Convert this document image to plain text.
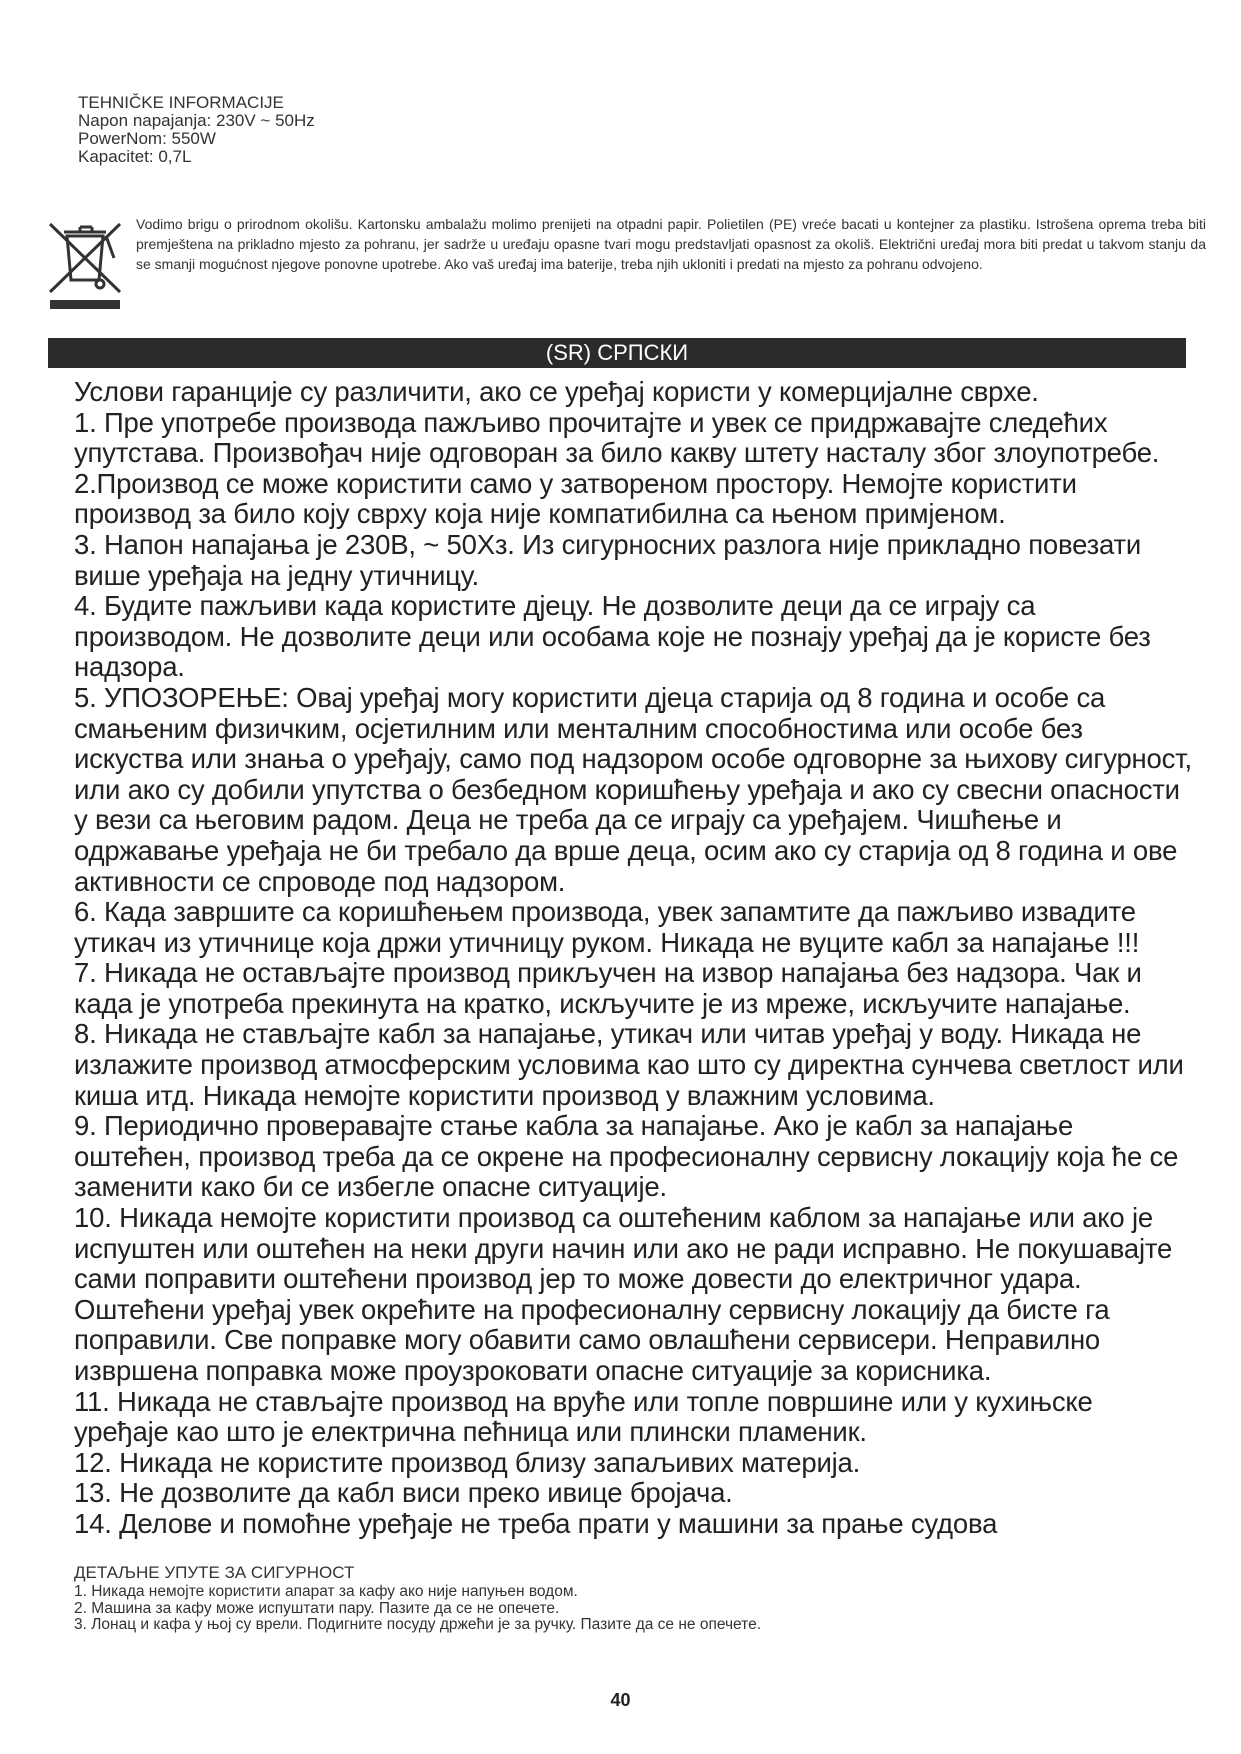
TEHNIČKE INFORMACIJE
Napon napajanja: 230V ~ 50Hz
PowerNom: 550W
Kapacitet: 0,7L
Vodimo brigu o prirodnom okolišu. Kartonsku ambalažu molimo prenijeti na otpadni papir. Polietilen (PE) vreće bacati u kontejner za plastiku. Istrošena oprema treba biti premještena na prikladno mjesto za pohranu, jer sadrže u uređaju opasne tvari mogu predstavljati opasnost za okoliš. Električni uređaj mora biti predat u takvom stanju da se smanji mogućnost njegove ponovne upotrebe. Ako vaš uređaj ima baterije, treba njih ukloniti i predati na mjesto za pohranu odvojeno.
(SR) СРПСКИ

Услови гаранције су различити, ако се уређај користи у комерцијалне сврхе.

1. Пре употребе производа пажљиво прочитајте и увек се придржавајте следећих упутстава. Произвођач није одговоран за било какву штету насталу због злоупотребе.

2.Производ се може користити само у затвореном простору. Немојте користити производ за било коју сврху која није компатибилна са њеном примјеном.

3. Напон напајања је 230В, ~ 50Хз. Из сигурносних разлога није прикладно повезати више уређаја на једну утичницу.

4. Будите пажљиви када користите дјецу. Не дозволите деци да се играју са производом. Не дозволите деци или особама које не познају уређај да је користе без надзора.

5. УПОЗОРЕЊЕ: Овај уређај могу користити дјеца старија од 8 година и особе са смањеним физичким, осјетилним или менталним способностима или особе без искуства или знања о уређају, само под надзором особе одговорне за њихову сигурност, или ако су добили упутства о безбедном коришћењу уређаја и ако су свесни опасности у вези са његовим радом. Деца не треба да се играју са уређајем. Чишћење и одржавање уређаја не би требало да врше деца, осим ако су старија од 8 година и ове активности се спроводе под надзором.

6. Када завршите са коришћењем производа, увек запамтите да пажљиво извадите утикач из утичнице која држи утичницу руком. Никада не вуците кабл за напајање !!!

7. Никада не остављајте производ прикључен на извор напајања без надзора. Чак и када је употреба прекинута на кратко, искључите је из мреже, искључите напајање.

8. Никада не стављајте кабл за напајање, утикач или читав уређај у воду. Никада не излажите производ атмосферским условима као што су директна сунчева светлост или киша итд. Никада немојте користити производ у влажним условима.

9. Периодично проверавајте стање кабла за напајање. Ако је кабл за напајање оштећен, производ треба да се окрене на професионалну сервисну локацију која ће се заменити како би се избегле опасне ситуације.

10. Никада немојте користити производ са оштећеним каблом за напајање или ако је испуштен или оштећен на неки други начин или ако не ради исправно. Не покушавајте сами поправити оштећени производ јер то може довести до електричног удара. Оштећени уређај увек окрећите на професионалну сервисну локацију да бисте га поправили. Све поправке могу обавити само овлашћени сервисери. Неправилно извршена поправка може проузроковати опасне ситуације за корисника.

11. Никада не стављајте производ на вруће или топле површине или у кухињске уређаје као што је електрична пећница или плински пламеник.

12. Никада не користите производ близу запаљивих материја.

13. Не дозволите да кабл виси преко ивице бројача.

14. Делове и помоћне уређаје не треба прати у машини за прање судова

ДЕТАЉНЕ УПУТЕ ЗА СИГУРНОСТ

1. Никада немојте користити апарат за кафу ако није напуњен водом.

2. Машина за кафу може испуштати пару. Пазите да се не опечете.

3. Лонац и кафа у њој су врели. Подигните посуду држећи је за ручку. Пазите да се не опечете.

40
